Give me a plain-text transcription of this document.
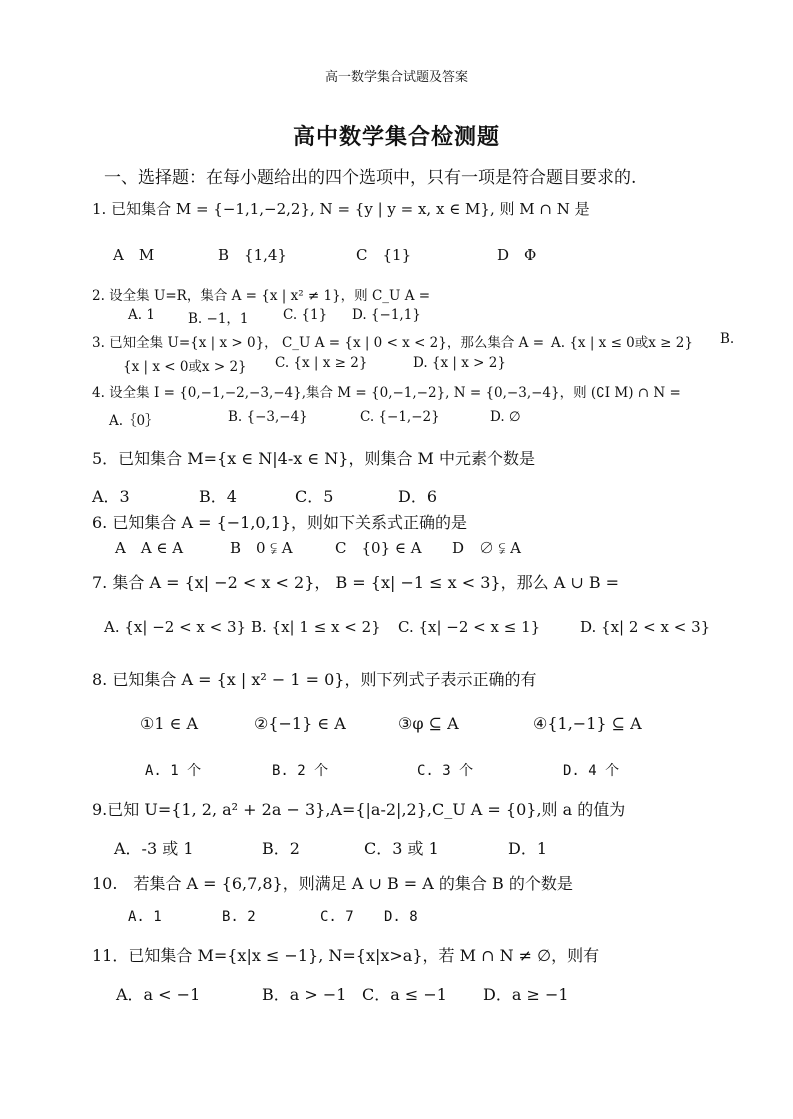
高一数学集合试题及答案
高中数学集合检测题
一、选择题：在每小题给出的四个选项中，只有一项是符合题目要求的.
1. 已知集合 M = {−1,1,−2,2}, N = {y | y = x, x ∈ M}, 则 M ∩ N 是
A　M	B　{1,4}	C　{1}	D　Φ
2. 设全集 U=R，集合 A = {x | x² ≠ 1}，则 C_U A =
A. 1 B. −1，1	C. {1} D. {−1,1}
3. 已知全集 U={x | x > 0}， C_U A = {x | 0 < x < 2}，那么集合 A = A. {x | x ≤ 0或x ≥ 2} B.
{x | x < 0或x > 2} C. {x | x ≥ 2}	D. {x | x > 2}
4. 设全集 I = {0,−1,−2,−3,−4},集合 M = {0,−1,−2}, N = {0,−3,−4}，则 (∁I M) ∩ N =
A.｛0｝	B. {−3,−4}	C. {−1,−2}	D. ∅
5．已知集合 M={x ∈ N|4-x ∈ N}，则集合 M 中元素个数是
A．3	B．4	C．5	D．6
6. 已知集合 A = {−1,0,1}，则如下关系式正确的是
A　A ∈ A	B　0 ⫋ A	C　{0} ∈ A D　∅ ⫋ A
7. 集合 A = {x| −2 < x < 2}， B = {x| −1 ≤ x < 3}，那么 A ∪ B =
A. {x| −2 < x < 3} B. {x| 1 ≤ x < 2} C. {x| −2 < x ≤ 1}	D. {x| 2 < x < 3}
8. 已知集合 A = {x | x² − 1 = 0}，则下列式子表示正确的有
①1 ∈ A	②{−1} ∈ A	③φ ⊆ A	④{1,−1} ⊆ A
A. 1 个	B. 2 个	C. 3 个	D. 4 个
9.已知 U={1, 2, a² + 2a − 3},A={|a-2|,2},C_U A = {0},则 a 的值为
A．-3 或 1	B．2	C．3 或 1	D．1
10.　若集合 A = {6,7,8}，则满足 A ∪ B = A 的集合 B 的个数是
A. 1	B. 2	C. 7 D. 8
11．已知集合 M={x|x ≤ −1}, N={x|x>a}，若 M ∩ N ≠ ∅，则有
A．a < −1	B．a > −1 C．a ≤ −1 D．a ≥ −1
